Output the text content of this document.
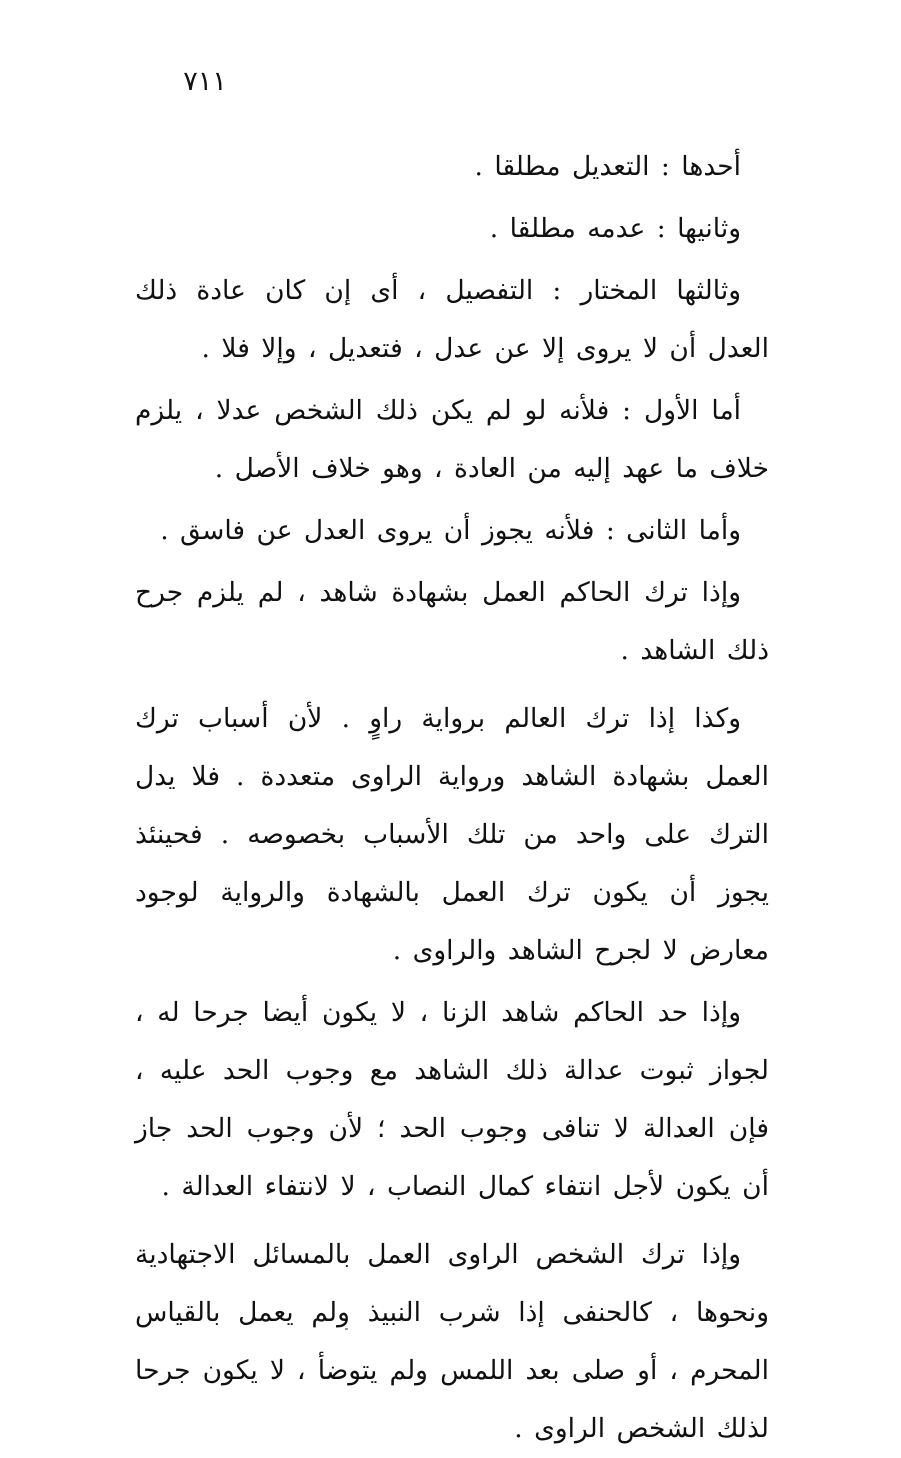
٧١١

أحدها : التعديل مطلقا .

وثانيها : عدمه مطلقا .

وثالثها المختار : التفصيل ، أى إن كان عادة ذلك العدل أن لا يروى إلا عن عدل ، فتعديل ، وإلا فلا .

أما الأول : فلأنه لو لم يكن ذلك الشخص عدلا ، يلزم خلاف ما عهد إليه من العادة ، وهو خلاف الأصل .

وأما الثانى : فلأنه يجوز أن يروى العدل عن فاسق .

وإذا ترك الحاكم العمل بشهادة شاهد ، لم يلزم جرح ذلك الشاهد .

وكذا إذا ترك العالم برواية راوٍ . لأن أسباب ترك العمل بشهادة الشاهد ورواية الراوى متعددة . فلا يدل الترك على واحد من تلك الأسباب بخصوصه . فحينئذ يجوز أن يكون ترك العمل بالشهادة والرواية لوجود معارض لا لجرح الشاهد والراوى .

وإذا حد الحاكم شاهد الزنا ، لا يكون أيضا جرحا له ، لجواز ثبوت عدالة ذلك الشاهد مع وجوب الحد عليه ، فإن العدالة لا تنافى وجوب الحد ؛ لأن وجوب الحد جاز أن يكون لأجل انتفاء كمال النصاب ، لا لانتفاء العدالة .

وإذا ترك الشخص الراوى العمل بالمسائل الاجتهادية ونحوها ، كالحنفى إذا شرب النبيذ ولم يعمل بالقياس المحرم ، أو صلى بعد اللمس ولم يتوضأ ، لا يكون جرحا لذلك الشخص الراوى .
